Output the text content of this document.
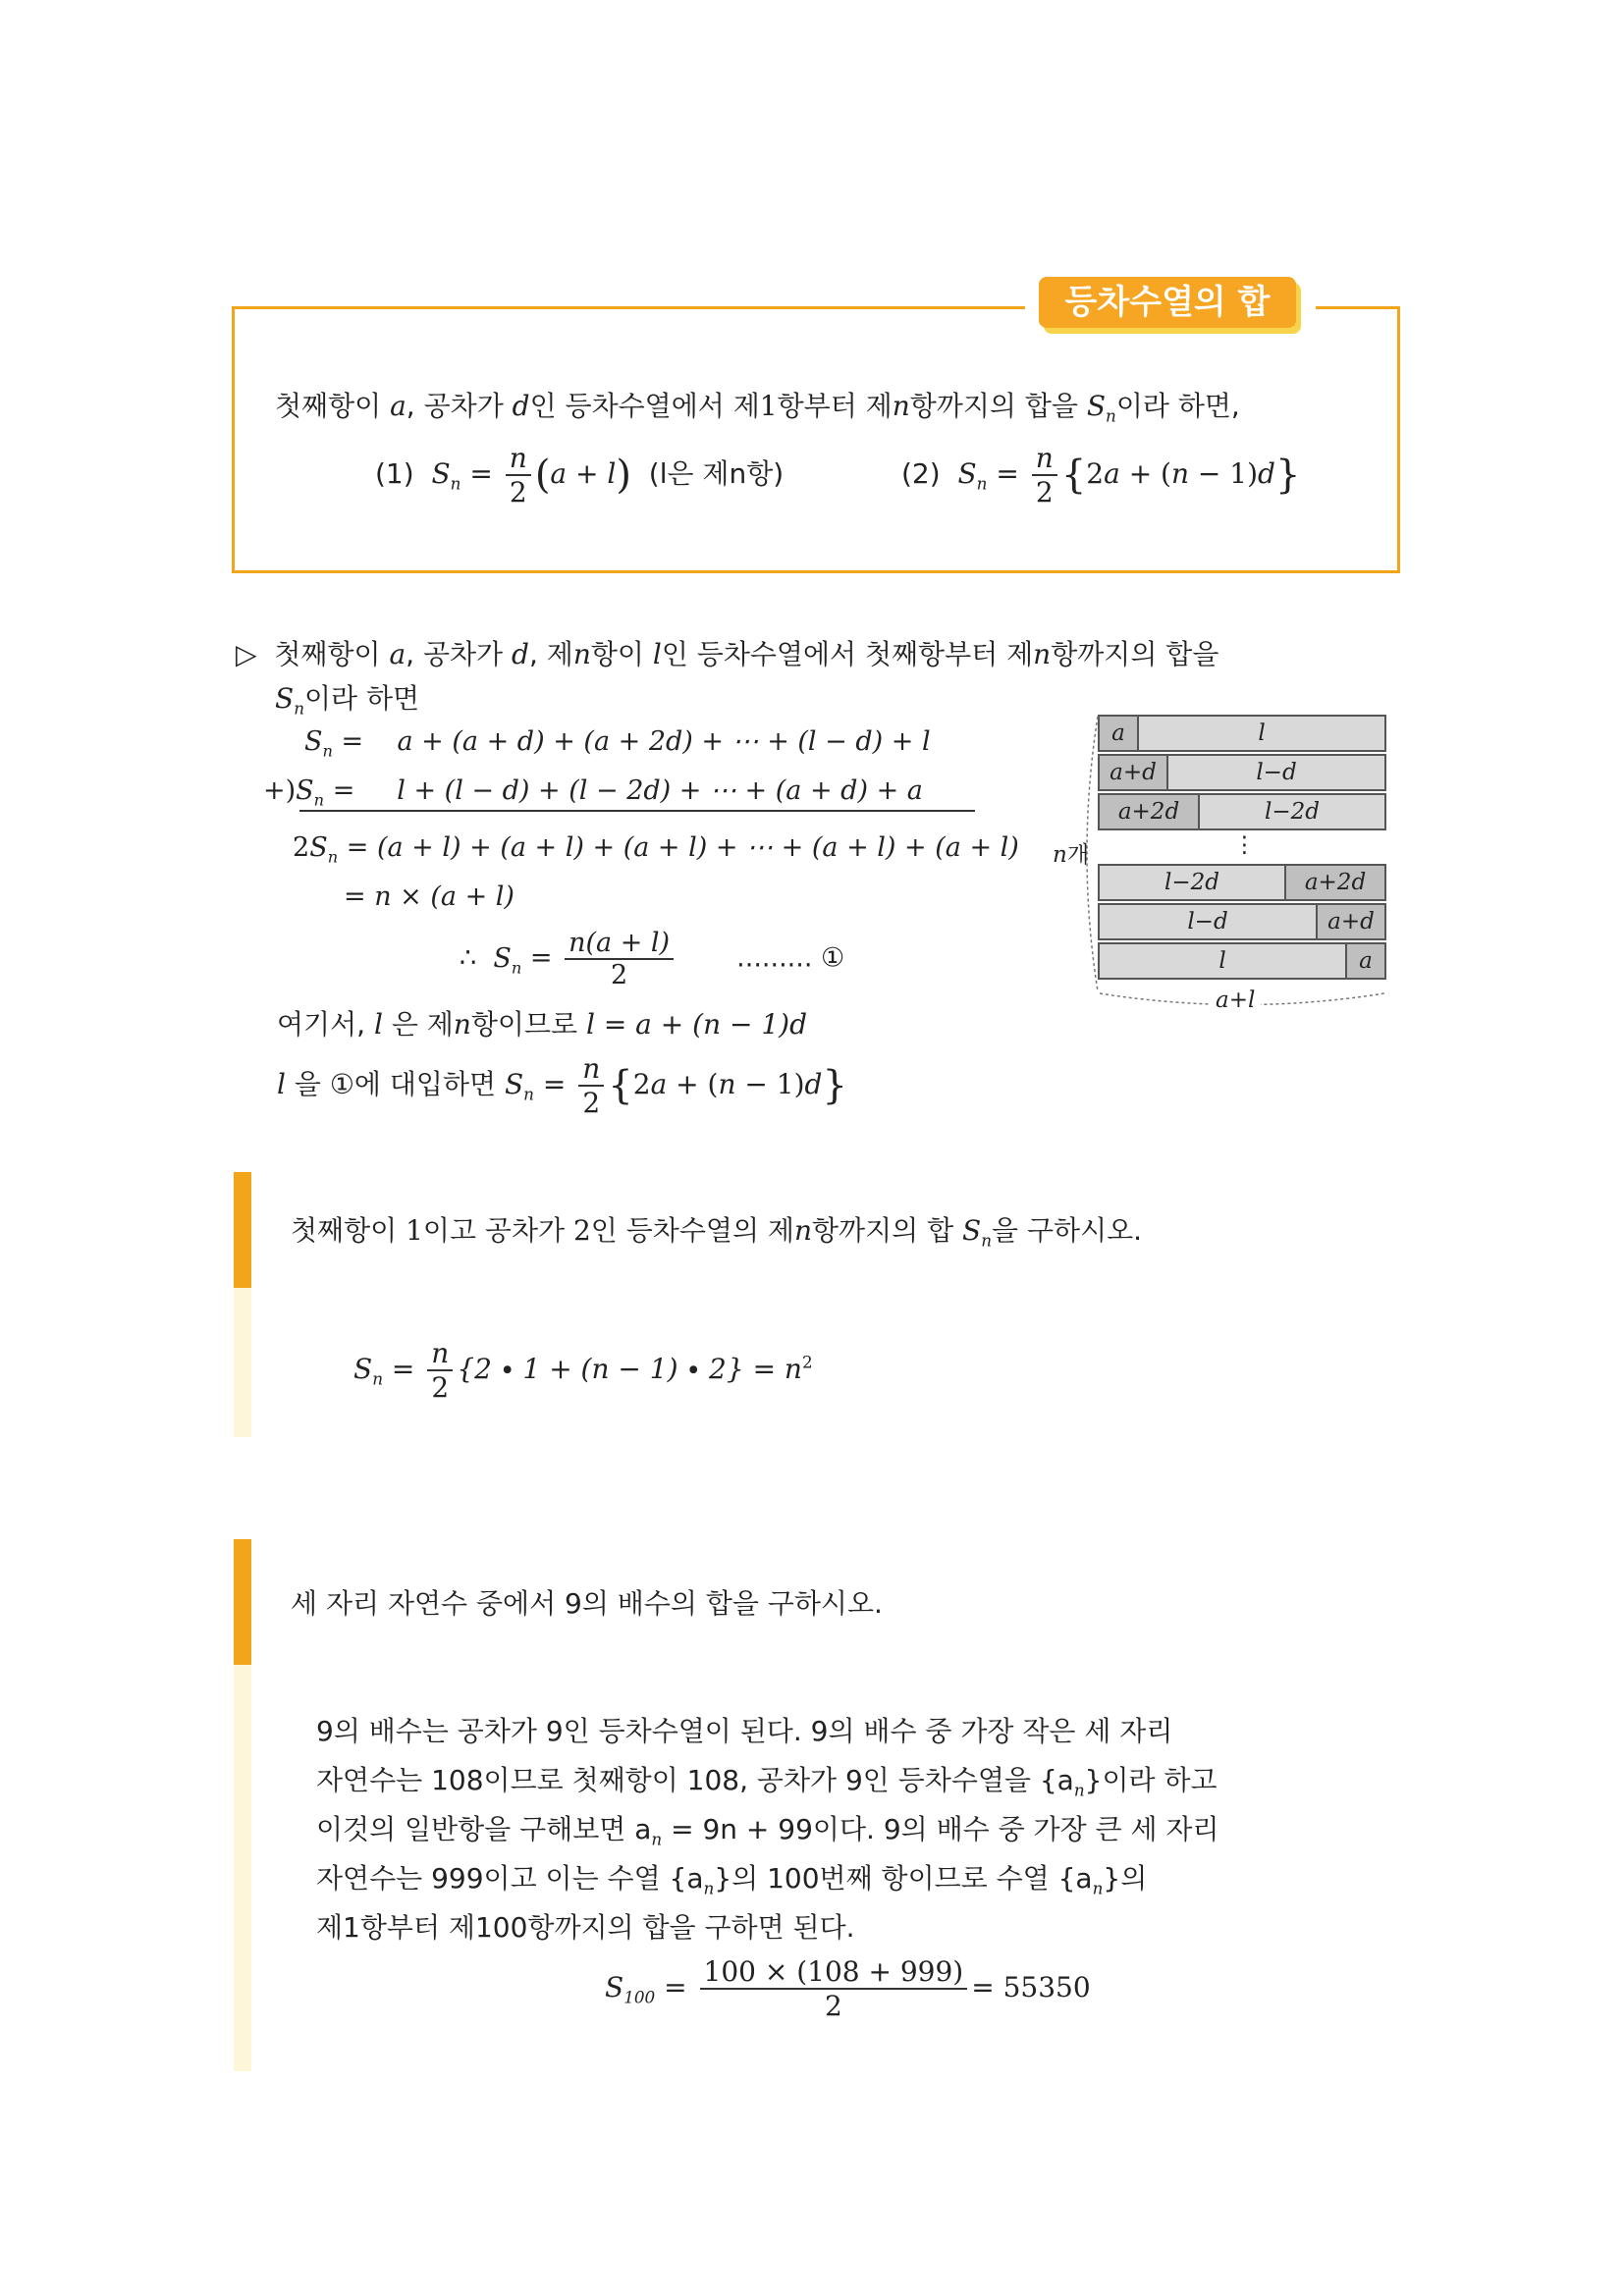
등차수열의 합
첫째항이 a, 공차가 d인 등차수열에서 제1항부터 제n항까지의 합을 $S_n$이라 하면,
(1) $S_n = \frac{n}{2} (a + l)$ (l은 제n항)	(2) $S_n = \frac{n}{2} \{2a + (n - 1)d\}$
▷ 첫째항이 a, 공차가 d, 제n항이 l인 등차수열에서 첫째항부터 제n항까지의 합을
$S_n$이라 하면
$S_n = a + (a + d) + (a + 2d)$ + ⋯ + (l − d) + l
$+)S_n = l + (l - d) + (l - 2d)$ + ⋯ + (a + d) + a
$2S_n = (a + l) + (a + l) + (a + l)$ + ⋯ + (a + l) + (a + l)
= n × (a + l)
∴ $S_n = \frac{n(a + l)}{2}$ ......... ①
여기서, l 은 제n항이므로 l = a + (n − 1)d
l 을 ①에 대입하면 $S_n = \frac{n}{2} \{2a + (n - 1)d\}$
a	l
a+d	l−d
a+2d	l−2d
⋮
l−2d	a+2d
l−d	a+d
l	a
n개
a+l
첫째항이 1이고 공차가 2인 등차수열의 제n항까지의 합 $S_n$을 구하시오.
$S_n = \frac{n}{2} \{2 \cdot 1 + (n - 1) \cdot 2\} = n^2$
세 자리 자연수 중에서 9의 배수의 합을 구하시오.
9의 배수는 공차가 9인 등차수열이 된다. 9의 배수 중 가장 작은 세 자리
자연수는 108이므로 첫째항이 108, 공차가 9인 등차수열을 $\{a_n\}$이라 하고
이것의 일반항을 구해보면 $a_n = 9n + 99$이다. 9의 배수 중 가장 큰 세 자리
자연수는 999이고 이는 수열 $\{a_n\}$의 100번째 항이므로 수열 $\{a_n\}$의
제1항부터 제100항까지의 합을 구하면 된다.
$S_{100} = \frac{100 \times (108 + 999)}{2} = 55350$
